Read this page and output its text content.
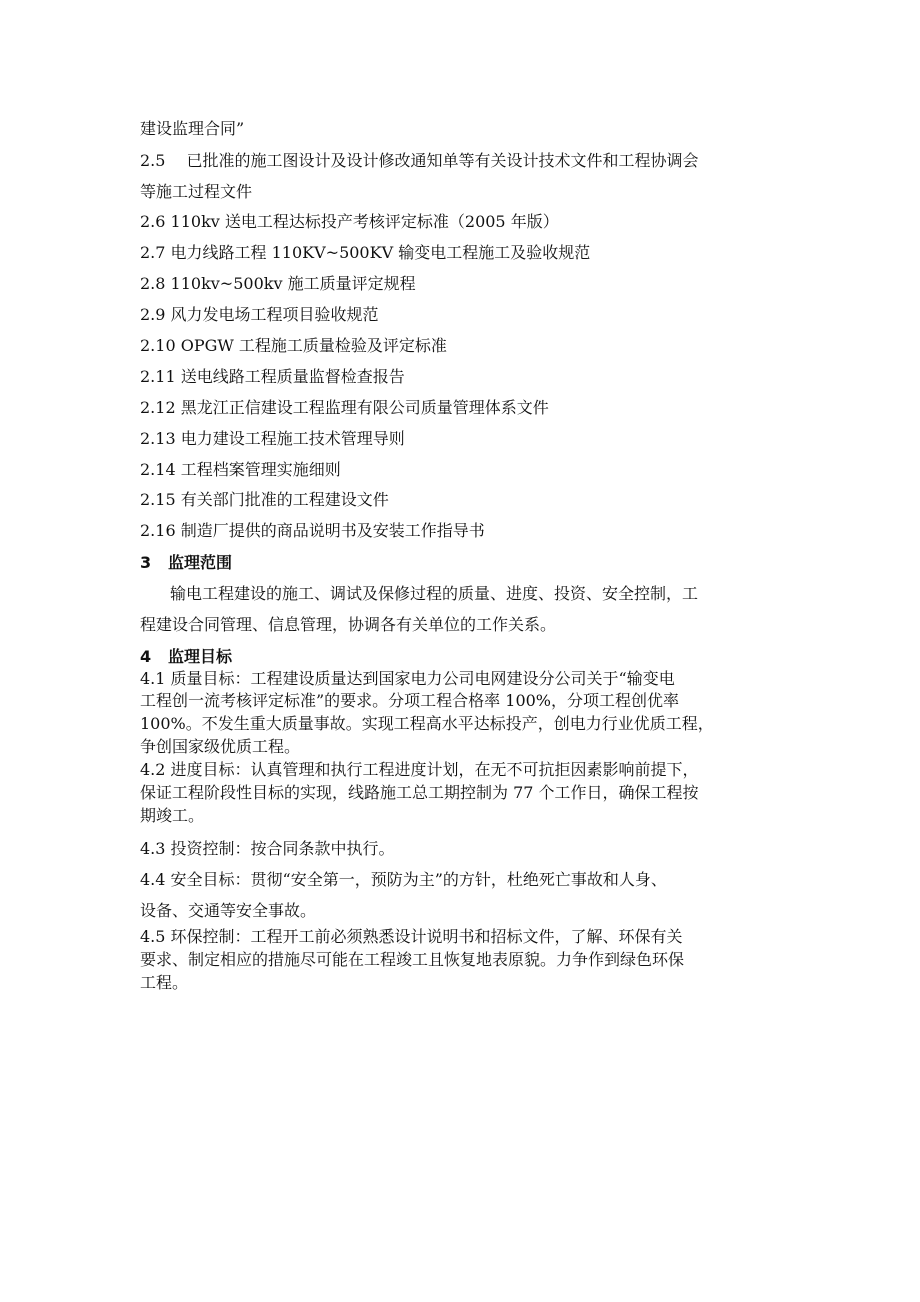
建设监理合同”
2.5　 已批准的施工图设计及设计修改通知单等有关设计技术文件和工程协调会
等施工过程文件
2.6 110kv 送电工程达标投产考核评定标准（2005 年版）
2.7 电力线路工程 110KV~500KV 输变电工程施工及验收规范
2.8 110kv~500kv 施工质量评定规程
2.9 风力发电场工程项目验收规范
2.10 OPGW 工程施工质量检验及评定标准
2.11 送电线路工程质量监督检查报告
2.12 黑龙江正信建设工程监理有限公司质量管理体系文件
2.13 电力建设工程施工技术管理导则
2.14 工程档案管理实施细则
2.15 有关部门批准的工程建设文件
2.16 制造厂提供的商品说明书及安装工作指导书
3 监理范围
输电工程建设的施工、调试及保修过程的质量、进度、投资、安全控制，工
程建设合同管理、信息管理，协调各有关单位的工作关系。
4 监理目标
4.1 质量目标：工程建设质量达到国家电力公司电网建设分公司关于“输变电
工程创一流考核评定标准”的要求。分项工程合格率 100%，分项工程创优率
100%。不发生重大质量事故。实现工程高水平达标投产，创电力行业优质工程，
争创国家级优质工程。
4.2 进度目标：认真管理和执行工程进度计划，在无不可抗拒因素影响前提下，
保证工程阶段性目标的实现，线路施工总工期控制为 77 个工作日，确保工程按
期竣工。
4.3 投资控制：按合同条款中执行。
4.4 安全目标：贯彻“安全第一，预防为主”的方针，杜绝死亡事故和人身、
设备、交通等安全事故。
4.5 环保控制：工程开工前必须熟悉设计说明书和招标文件，了解、环保有关
要求、制定相应的措施尽可能在工程竣工且恢复地表原貌。力争作到绿色环保
工程。
